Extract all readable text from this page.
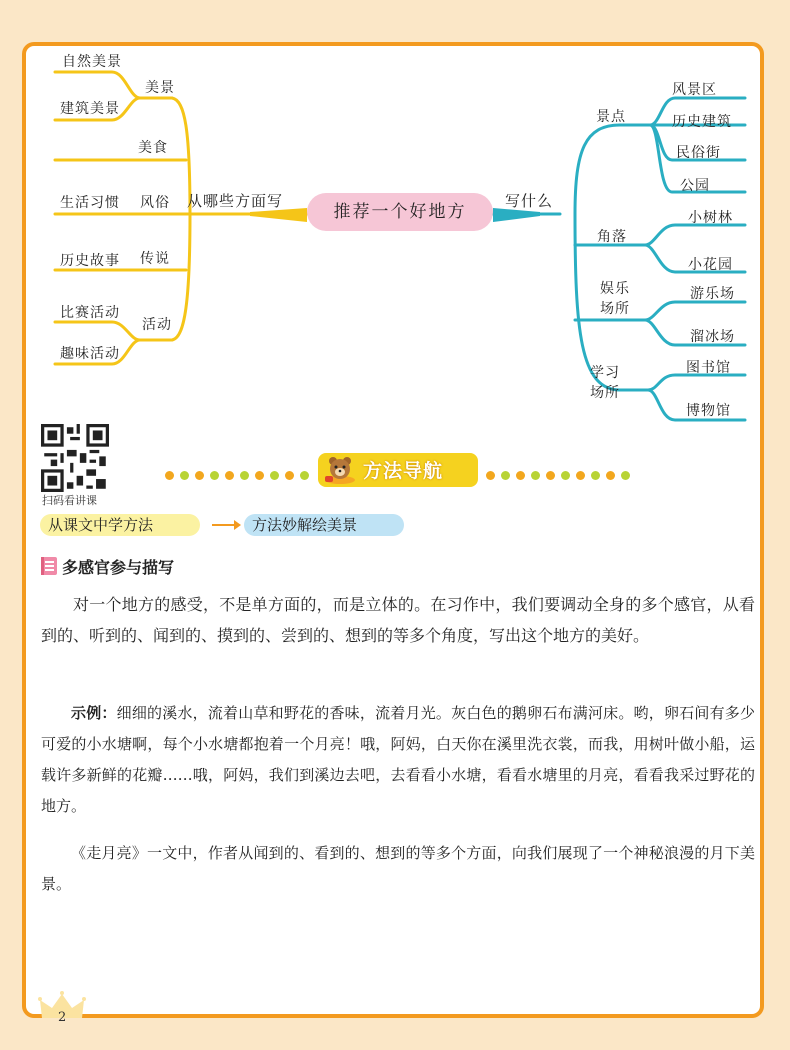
推荐一个好地方
从哪些方面写	写什么
美景
自然美景
建筑美景
美食
风俗
生活习惯
传说
历史故事
活动
比赛活动
趣味活动
景点
风景区
历史建筑
民俗街
公园
角落
小树林
小花园
娱乐
场所
游乐场
溜冰场
学习
场所
图书馆
博物馆
扫码看讲课
方法导航
从课文中学方法	方法妙解绘美景
多感官参与描写

对一个地方的感受，不是单方面的，而是立体的。在习作中，我们要调动全身的多个感官，从看到的、听到的、闻到的、摸到的、尝到的、想到的等多个角度，写出这个地方的美好。

示例：细细的溪水，流着山草和野花的香味，流着月光。灰白色的鹅卵石布满河床。哟，卵石间有多少可爱的小水塘啊，每个小水塘都抱着一个月亮！哦，阿妈，白天你在溪里洗衣裳，而我，用树叶做小船，运载许多新鲜的花瓣……哦，阿妈，我们到溪边去吧，去看看小水塘，看看水塘里的月亮，看看我采过野花的地方。

《走月亮》一文中，作者从闻到的、看到的、想到的等多个方面，向我们展现了一个神秘浪漫的月下美景。

2
